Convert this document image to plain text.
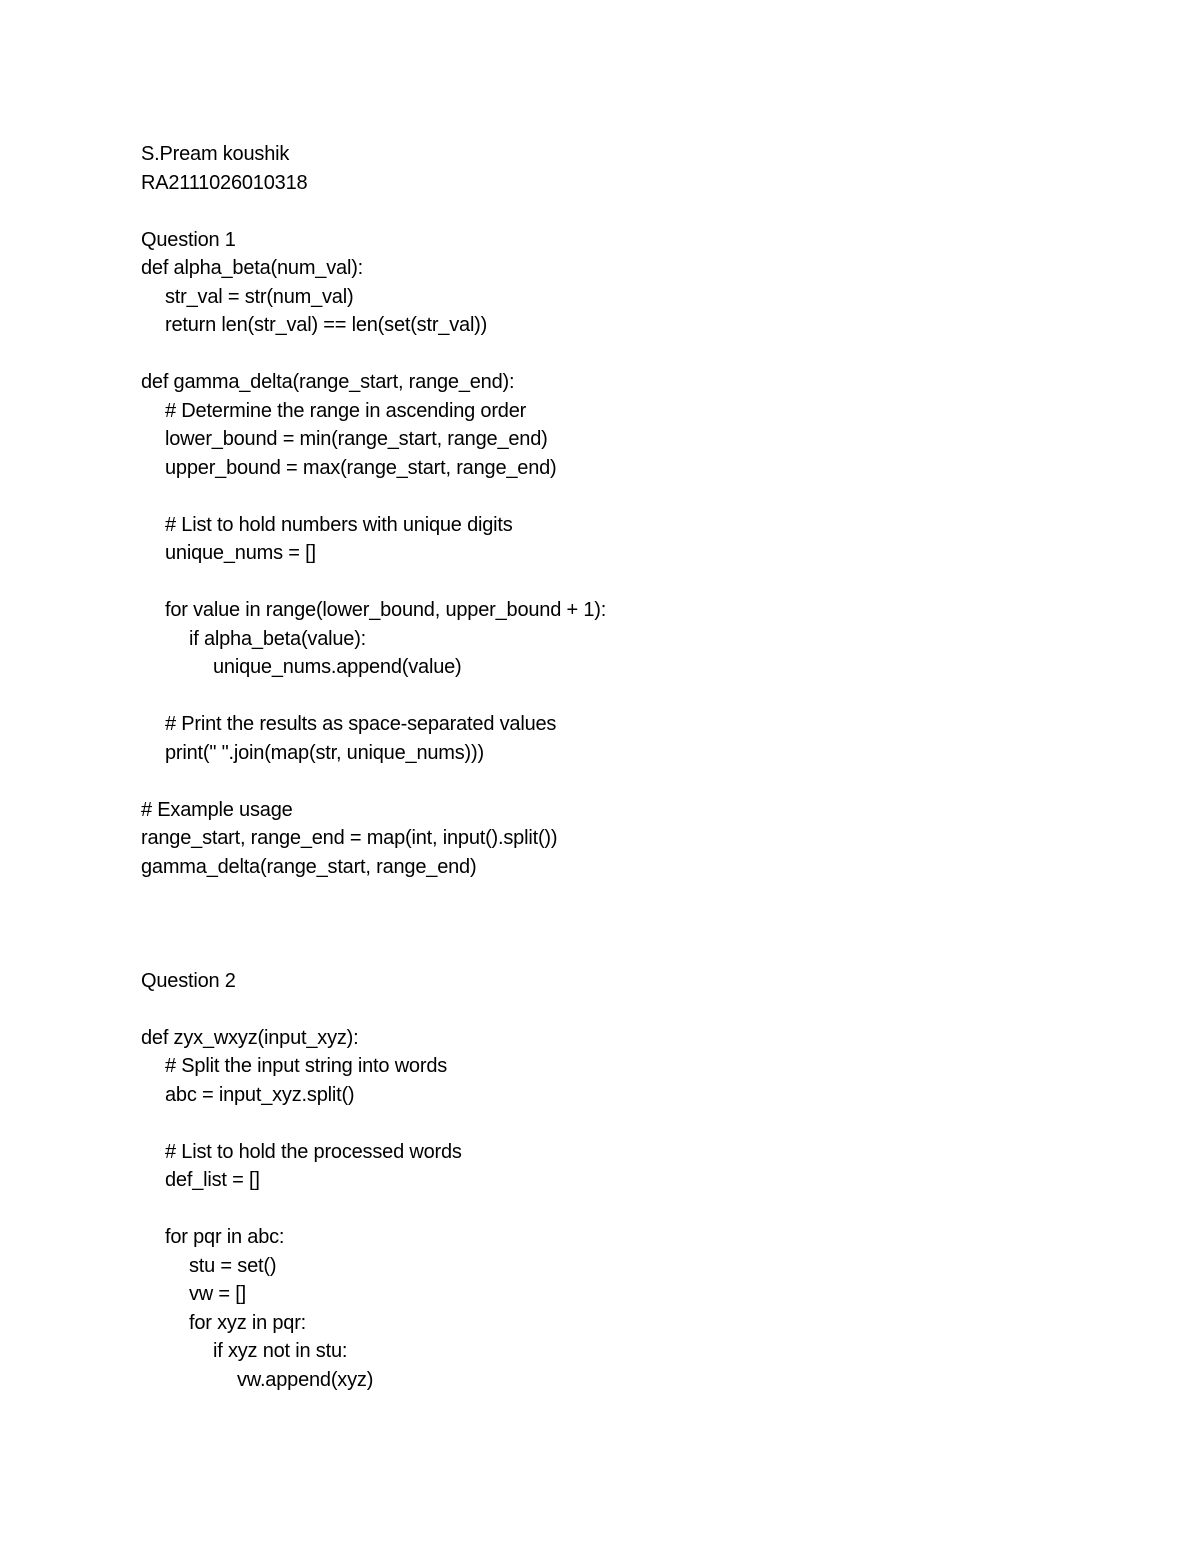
S.Pream koushik
RA2111026010318
Question 1
def alpha_beta(num_val):
str_val = str(num_val)
return len(str_val) == len(set(str_val))
def gamma_delta(range_start, range_end):
# Determine the range in ascending order
lower_bound = min(range_start, range_end)
upper_bound = max(range_start, range_end)
# List to hold numbers with unique digits
unique_nums = []
for value in range(lower_bound, upper_bound + 1):
if alpha_beta(value):
unique_nums.append(value)
# Print the results as space-separated values
print(" ".join(map(str, unique_nums)))
# Example usage
range_start, range_end = map(int, input().split())
gamma_delta(range_start, range_end)
Question 2
def zyx_wxyz(input_xyz):
# Split the input string into words
abc = input_xyz.split()
# List to hold the processed words
def_list = []
for pqr in abc:
stu = set()
vw = []
for xyz in pqr:
if xyz not in stu:
vw.append(xyz)
